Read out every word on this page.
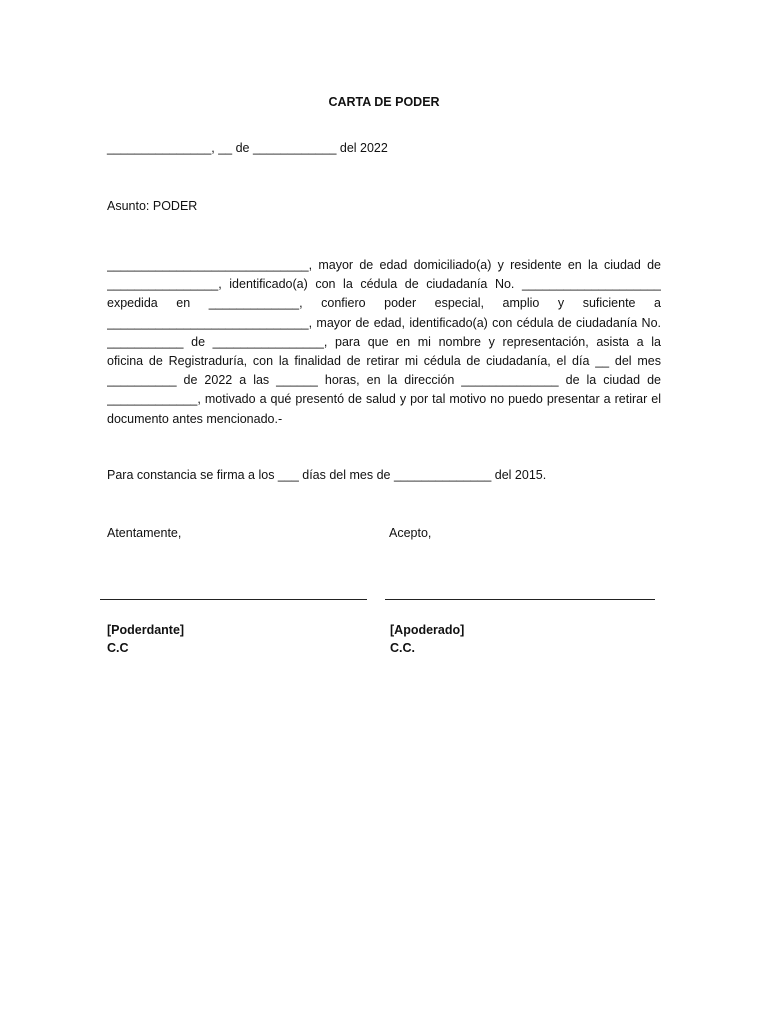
CARTA DE PODER
_______________, __ de ____________ del 2022
Asunto: PODER
_____________________________, mayor de edad domiciliado(a) y residente en la ciudad de
________________, identificado(a) con la cédula de ciudadanía No. ____________________
expedida en _____________, confiero poder especial, amplio y suficiente a
_____________________________, mayor de edad, identificado(a) con cédula de ciudadanía No.
___________ de ________________, para que en mi nombre y representación, asista a la
oficina de Registraduría, con la finalidad de retirar mi cédula de ciudadanía, el día __ del mes
__________ de 2022 a las ______ horas, en la dirección ______________ de la ciudad de
_____________, motivado a qué presentó de salud y por tal motivo no puedo presentar a retirar el
documento antes mencionado.-
Para constancia se firma a los ___ días del mes de ______________ del 2015.
Atentamente,	Acepto,
[Poderdante]
C.C
[Apoderado]
C.C.
